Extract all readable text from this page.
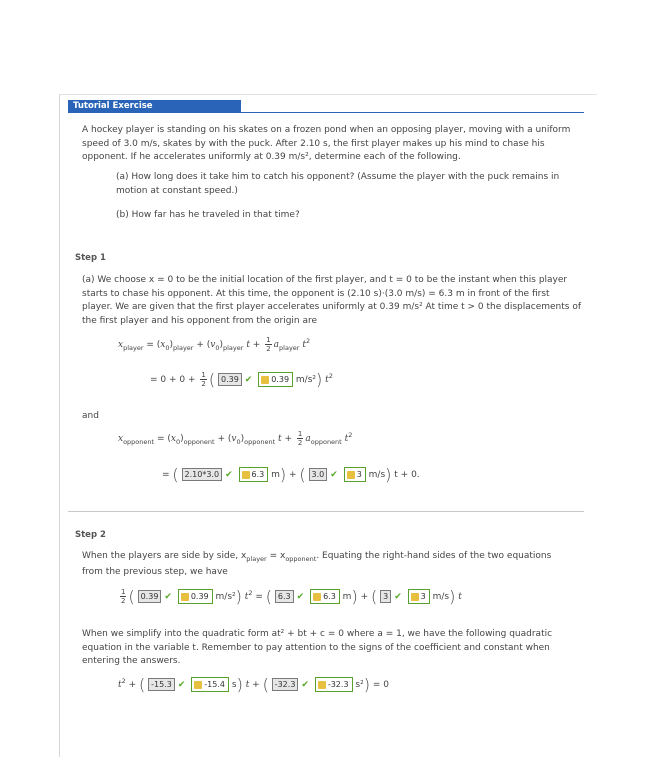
Tutorial Exercise
A hockey player is standing on his skates on a frozen pond when an opposing player, moving with a uniform
speed of 3.0 m/s, skates by with the puck. After 2.10 s, the first player makes up his mind to chase his
opponent. If he accelerates uniformly at 0.39 m/s², determine each of the following.
(a) How long does it take him to catch his opponent? (Assume the player with the puck remains in
motion at constant speed.)
(b) How far has he traveled in that time?
Step 1
(a) We choose x = 0 to be the initial location of the first player, and t = 0 to be the instant when this player
starts to chase his opponent. At this time, the opponent is (2.10 s)·(3.0 m/s) = 6.3 m in front of the first
player. We are given that the first player accelerates uniformly at 0.39 m/s² At time t > 0 the displacements of
the first player and his opponent from the origin are
$x_{player} = (x_0)_{player} + (v_0)_{player}$ $t + \frac{1}{2} a_{player}$ $t^2$
= $0 + 0 + \frac{1}{2}$ ( 0.39 ✔ 0.39 m/s²) $t^2$
and
$x_{opponent} = (x_0)_{opponent} + (v_0)_{opponent}$ $t + \frac{1}{2} a_{opponent}$ $t^2$
= ( 2.10*3.0 ✔ 6.3 m) + ( 3.0 ✔ 3 m/s) t + 0.
Step 2
When the players are side by side, $x_{player} = x_{opponent}$. Equating the right-hand sides of the two equations
from the previous step, we have
$\frac{1}{2}$ ( 0.39 ✔ 0.39 m/s²) $t^2$ = ( 6.3 ✔ 6.3 m) + ( 3 ✔ 3 m/s) t
When we simplify into the quadratic form at² + bt + c = 0 where a = 1, we have the following quadratic
equation in the variable t. Remember to pay attention to the signs of the coefficient and constant when
entering the answers.
$t^2$ + ( -15.3 ✔ -15.4 s) t + ( -32.3 ✔ -32.3 s²) = 0
